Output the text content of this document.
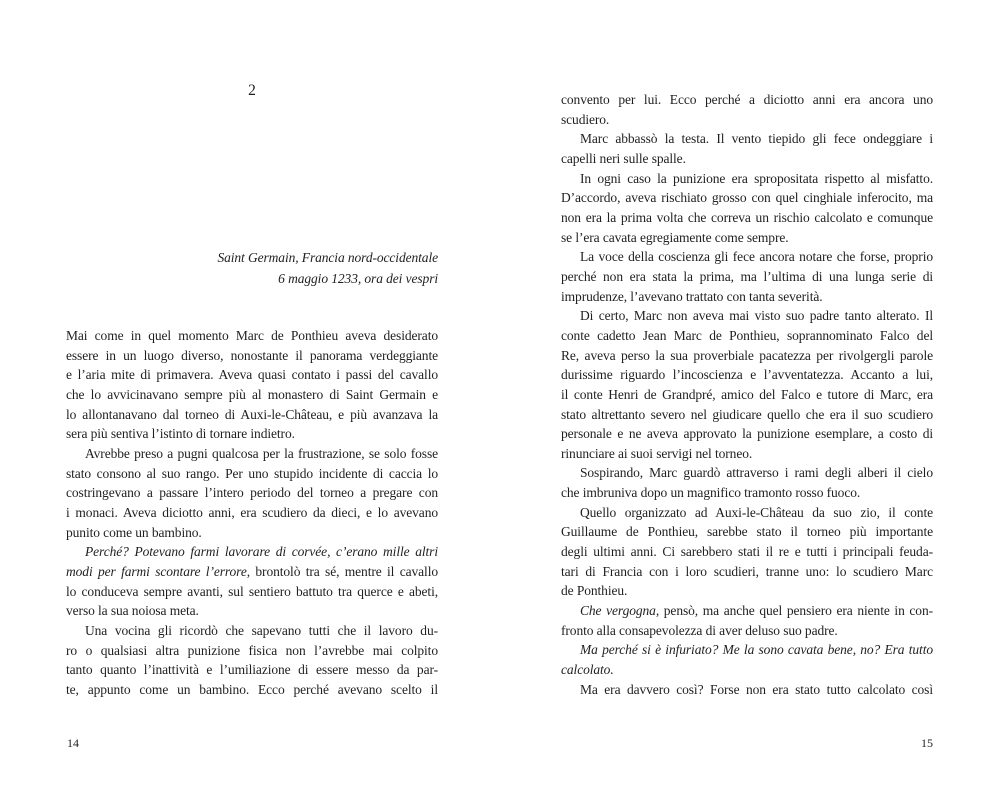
2
Saint Germain, Francia nord-occidentale
6 maggio 1233, ora dei vespri
Mai come in quel momento Marc de Ponthieu aveva desiderato
essere in un luogo diverso, nonostante il panorama verdeggiante
e l’aria mite di primavera. Aveva quasi contato i passi del cavallo
che lo avvicinavano sempre più al monastero di Saint Germain e
lo allontanavano dal torneo di Auxi-le-Château, e più avanzava la
sera più sentiva l’istinto di tornare indietro.
Avrebbe preso a pugni qualcosa per la frustrazione, se solo fosse
stato consono al suo rango. Per uno stupido incidente di caccia lo
costringevano a passare l’intero periodo del torneo a pregare con
i monaci. Aveva diciotto anni, era scudiero da dieci, e lo avevano
punito come un bambino.
Perché? Potevano farmi lavorare di corvée, c’erano mille altri
modi per farmi scontare l’errore, brontolò tra sé, mentre il cavallo
lo conduceva sempre avanti, sul sentiero battuto tra querce e abeti,
verso la sua noiosa meta.
Una vocina gli ricordò che sapevano tutti che il lavoro du-
ro o qualsiasi altra punizione fisica non l’avrebbe mai colpito
tanto quanto l’inattività e l’umiliazione di essere messo da par-
te, appunto come un bambino. Ecco perché avevano scelto il
14
convento per lui. Ecco perché a diciotto anni era ancora uno
scudiero.
Marc abbassò la testa. Il vento tiepido gli fece ondeggiare i
capelli neri sulle spalle.
In ogni caso la punizione era spropositata rispetto al misfatto.
D’accordo, aveva rischiato grosso con quel cinghiale inferocito, ma
non era la prima volta che correva un rischio calcolato e comunque
se l’era cavata egregiamente come sempre.
La voce della coscienza gli fece ancora notare che forse, proprio
perché non era stata la prima, ma l’ultima di una lunga serie di
imprudenze, l’avevano trattato con tanta severità.
Di certo, Marc non aveva mai visto suo padre tanto alterato. Il
conte cadetto Jean Marc de Ponthieu, soprannominato Falco del
Re, aveva perso la sua proverbiale pacatezza per rivolgergli parole
durissime riguardo l’incoscienza e l’avventatezza. Accanto a lui,
il conte Henri de Grandpré, amico del Falco e tutore di Marc, era
stato altrettanto severo nel giudicare quello che era il suo scudiero
personale e ne aveva approvato la punizione esemplare, a costo di
rinunciare ai suoi servigi nel torneo.
Sospirando, Marc guardò attraverso i rami degli alberi il cielo
che imbruniva dopo un magnifico tramonto rosso fuoco.
Quello organizzato ad Auxi-le-Château da suo zio, il conte
Guillaume de Ponthieu, sarebbe stato il torneo più importante
degli ultimi anni. Ci sarebbero stati il re e tutti i principali feuda-
tari di Francia con i loro scudieri, tranne uno: lo scudiero Marc
de Ponthieu.
Che vergogna, pensò, ma anche quel pensiero era niente in con-
fronto alla consapevolezza di aver deluso suo padre.
Ma perché si è infuriato? Me la sono cavata bene, no? Era tutto
calcolato.
Ma era davvero così? Forse non era stato tutto calcolato così
15
